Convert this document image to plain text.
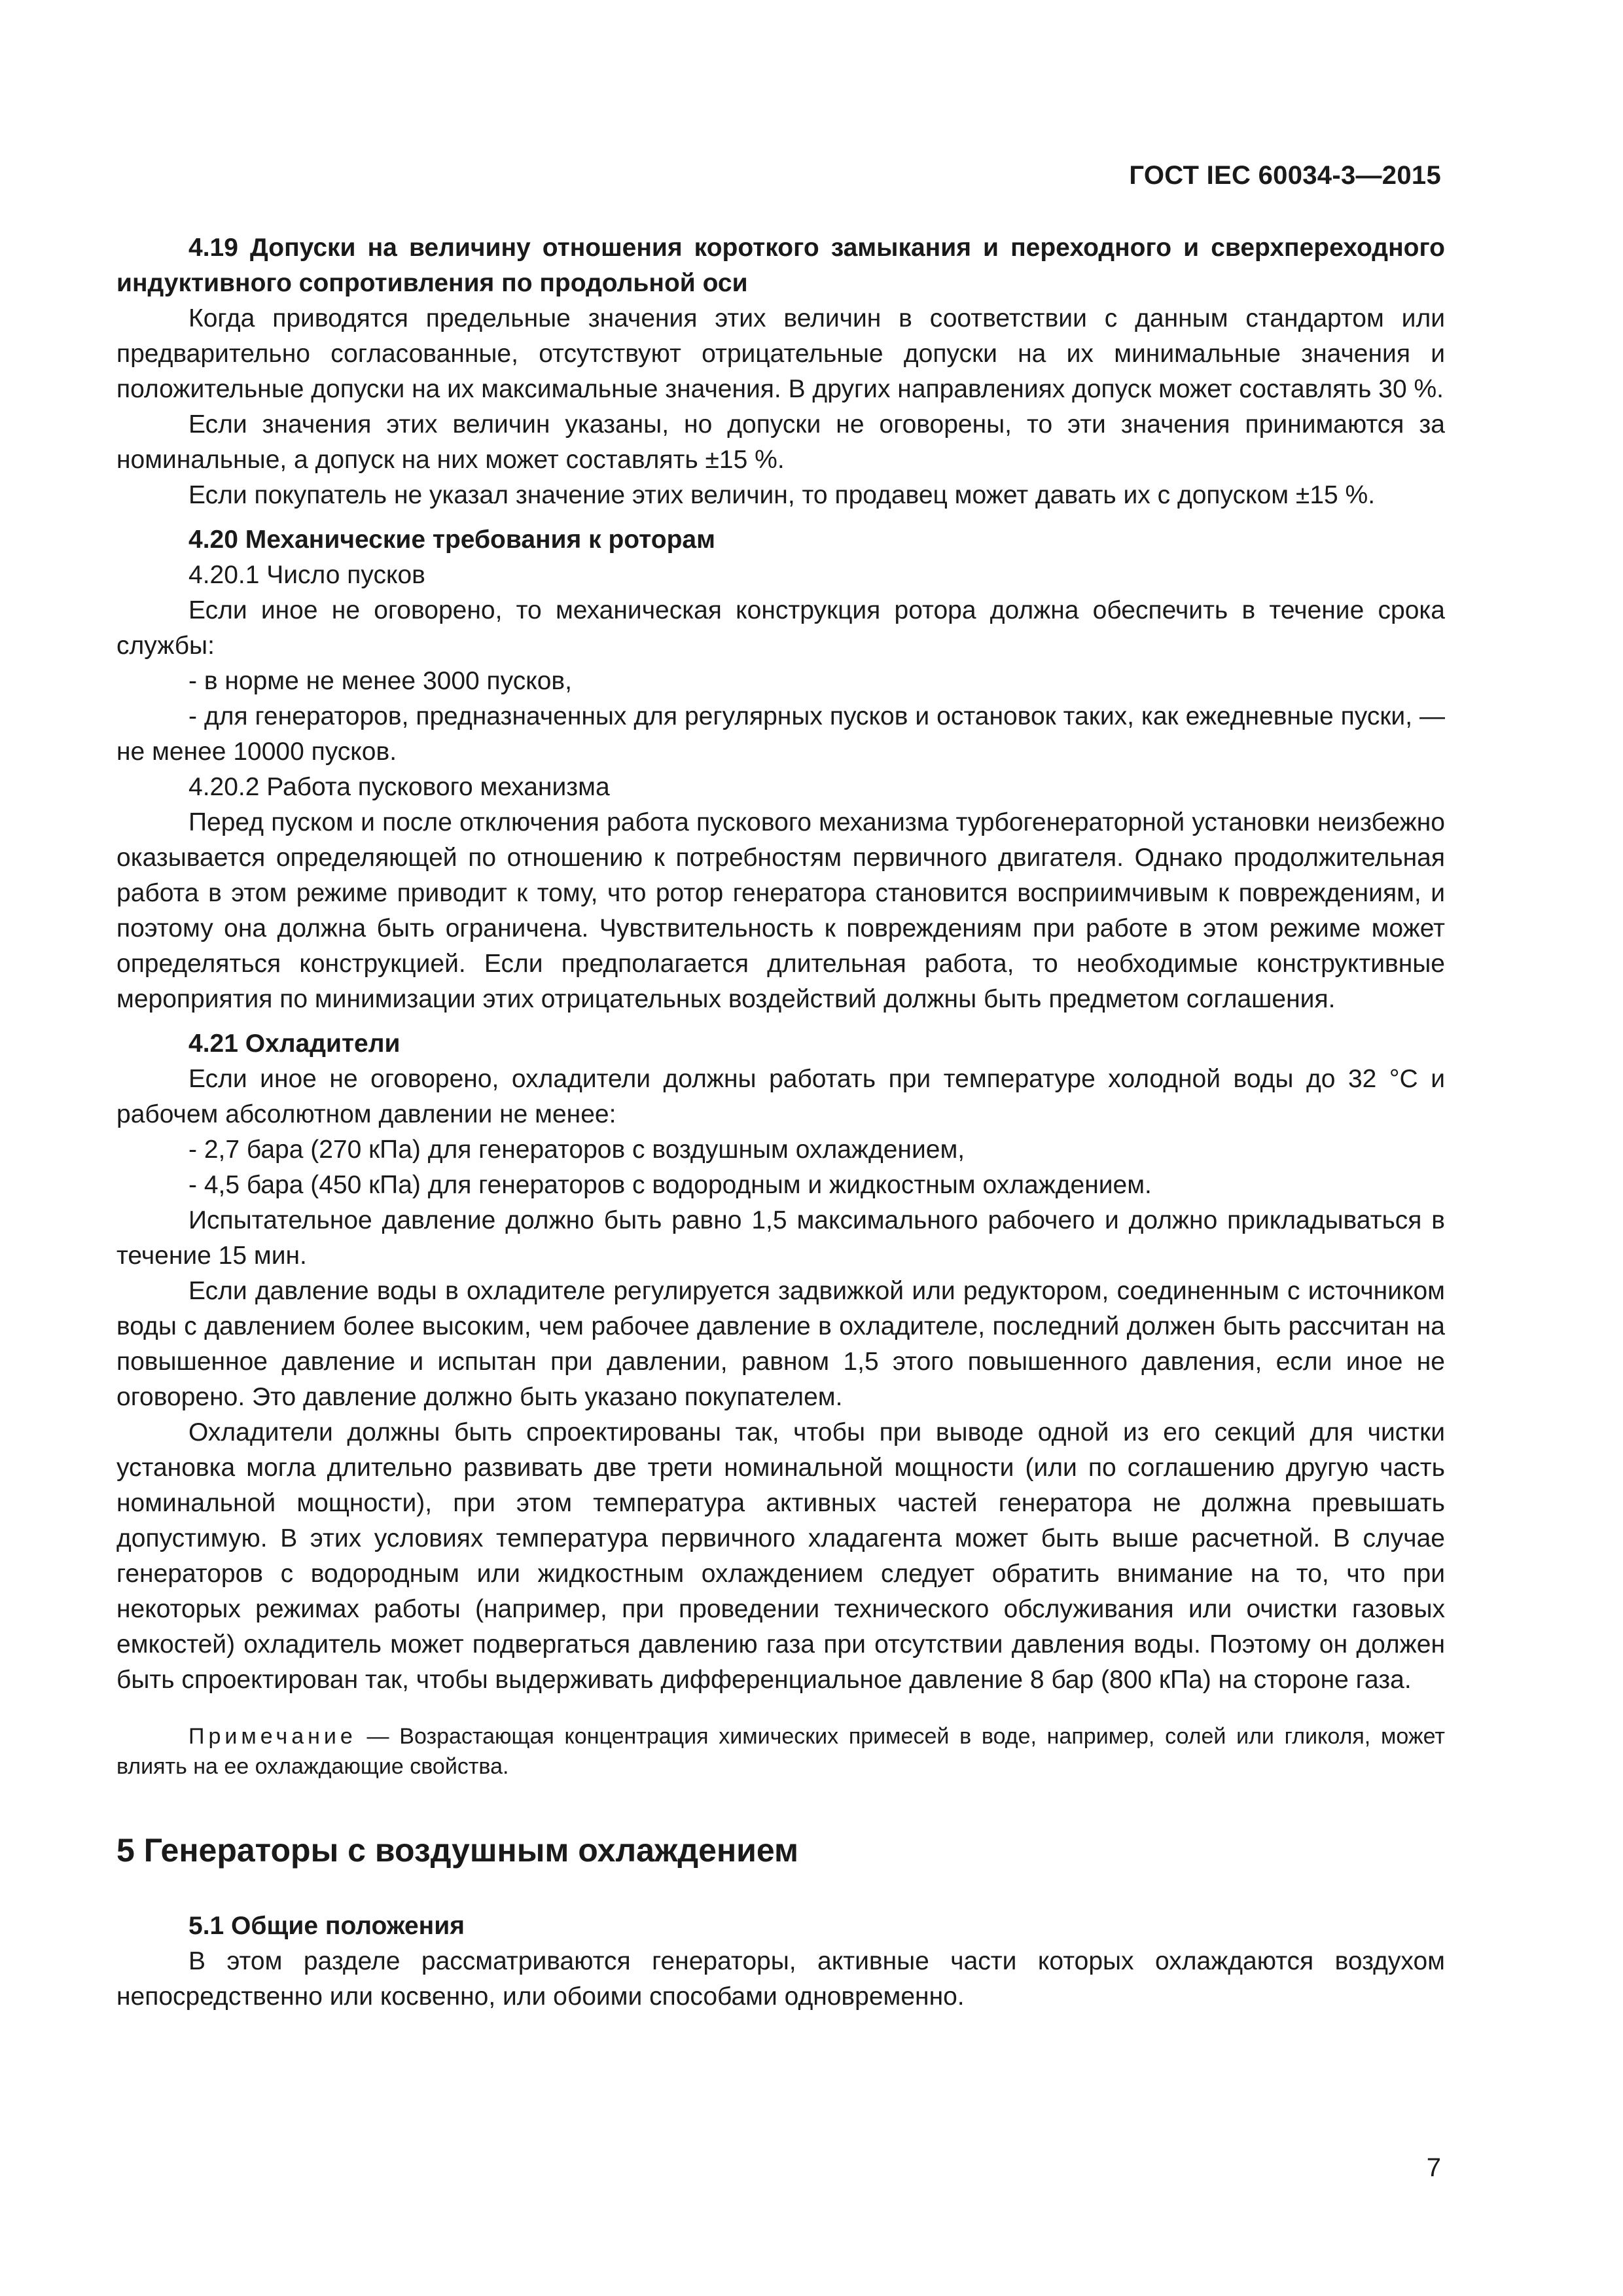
ГОСТ IEC 60034-3—2015

4.19 Допуски на величину отношения короткого замыкания и переходного и сверхпереходного индуктивного сопротивления по продольной оси

Когда приводятся предельные значения этих величин в соответствии с данным стандартом или предварительно согласованные, отсутствуют отрицательные допуски на их минимальные значения и положительные допуски на их максимальные значения. В других направлениях допуск может составлять 30 %.

Если значения этих величин указаны, но допуски не оговорены, то эти значения принимаются за номинальные, а допуск на них может составлять ±15 %.

Если покупатель не указал значение этих величин, то продавец может давать их с допуском ±15 %.

4.20 Механические требования к роторам

4.20.1 Число пусков

Если иное не оговорено, то механическая конструкция ротора должна обеспечить в течение срока службы:

- в норме не менее 3000 пусков,

- для генераторов, предназначенных для регулярных пусков и остановок таких, как ежедневные пуски, — не менее 10000 пусков.

4.20.2 Работа пускового механизма

Перед пуском и после отключения работа пускового механизма турбогенераторной установки неизбежно оказывается определяющей по отношению к потребностям первичного двигателя. Однако продолжительная работа в этом режиме приводит к тому, что ротор генератора становится восприимчивым к повреждениям, и поэтому она должна быть ограничена. Чувствительность к повреждениям при работе в этом режиме может определяться конструкцией. Если предполагается длительная работа, то необходимые конструктивные мероприятия по минимизации этих отрицательных воздействий должны быть предметом соглашения.

4.21 Охладители

Если иное не оговорено, охладители должны работать при температуре холодной воды до 32 °С и рабочем абсолютном давлении не менее:

- 2,7 бара (270 кПа) для генераторов с воздушным охлаждением,

- 4,5 бара (450 кПа) для генераторов с водородным и жидкостным охлаждением.

Испытательное давление должно быть равно 1,5 максимального рабочего и должно прикладываться в течение 15 мин.

Если давление воды в охладителе регулируется задвижкой или редуктором, соединенным с источником воды с давлением более высоким, чем рабочее давление в охладителе, последний должен быть рассчитан на повышенное давление и испытан при давлении, равном 1,5 этого повышенного давления, если иное не оговорено. Это давление должно быть указано покупателем.

Охладители должны быть спроектированы так, чтобы при выводе одной из его секций для чистки установка могла длительно развивать две трети номинальной мощности (или по соглашению другую часть номинальной мощности), при этом температура активных частей генератора не должна превышать допустимую. В этих условиях температура первичного хладагента может быть выше расчетной. В случае генераторов с водородным или жидкостным охлаждением следует обратить внимание на то, что при некоторых режимах работы (например, при проведении технического обслуживания или очистки газовых емкостей) охладитель может подвергаться давлению газа при отсутствии давления воды. Поэтому он должен быть спроектирован так, чтобы выдерживать дифференциальное давление 8 бар (800 кПа) на стороне газа.

Примечание — Возрастающая концентрация химических примесей в воде, например, солей или гликоля, может влиять на ее охлаждающие свойства.

5 Генераторы с воздушным охлаждением

5.1 Общие положения

В этом разделе рассматриваются генераторы, активные части которых охлаждаются воздухом непосредственно или косвенно, или обоими способами одновременно.

7
